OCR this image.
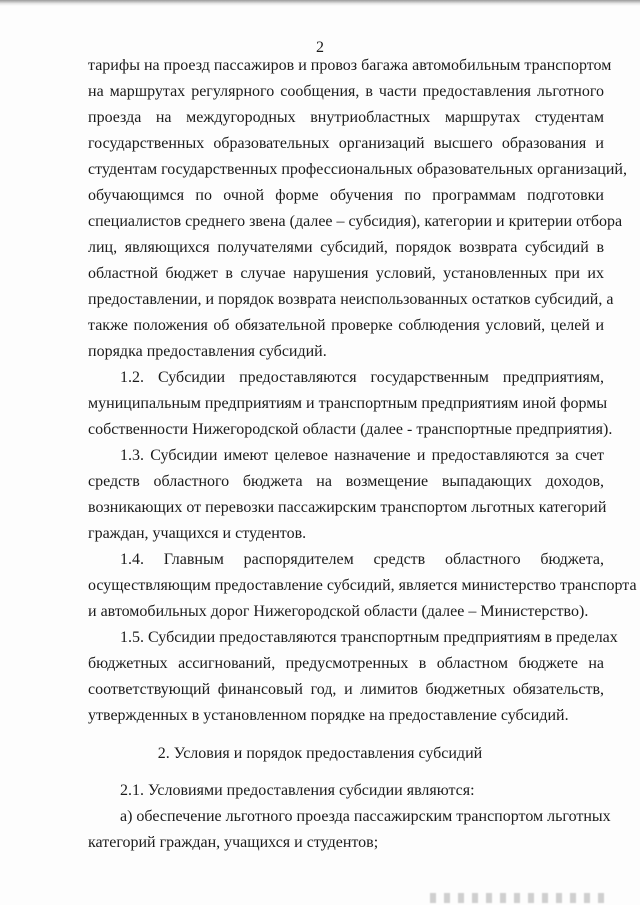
2
тарифы на проезд пассажиров и провоз багажа автомобильным транспортом
на маршрутах регулярного сообщения, в части предоставления льготного
проезда на междугородных внутриобластных маршрутах студентам
государственных образовательных организаций высшего образования и
студентам государственных профессиональных образовательных организаций,
обучающимся по очной форме обучения по программам подготовки
специалистов среднего звена (далее – субсидия), категории и критерии отбора
лиц, являющихся получателями субсидий, порядок возврата субсидий в
областной бюджет в случае нарушения условий, установленных при их
предоставлении, и порядок возврата неиспользованных остатков субсидий, а
также положения об обязательной проверке соблюдения условий, целей и
порядка предоставления субсидий.
1.2. Субсидии предоставляются государственным предприятиям,
муниципальным предприятиям и транспортным предприятиям иной формы
собственности Нижегородской области (далее - транспортные предприятия).
1.3. Субсидии имеют целевое назначение и предоставляются за счет
средств областного бюджета на возмещение выпадающих доходов,
возникающих от перевозки пассажирским транспортом льготных категорий
граждан, учащихся и студентов.
1.4. Главным распорядителем средств областного бюджета,
осуществляющим предоставление субсидий, является министерство транспорта
и автомобильных дорог Нижегородской области (далее – Министерство).
1.5. Субсидии предоставляются транспортным предприятиям в пределах
бюджетных ассигнований, предусмотренных в областном бюджете на
соответствующий финансовый год, и лимитов бюджетных обязательств,
утвержденных в установленном порядке на предоставление субсидий.
2. Условия и порядок предоставления субсидий
2.1. Условиями предоставления субсидии являются:
а) обеспечение льготного проезда пассажирским транспортом льготных
категорий граждан, учащихся и студентов;
